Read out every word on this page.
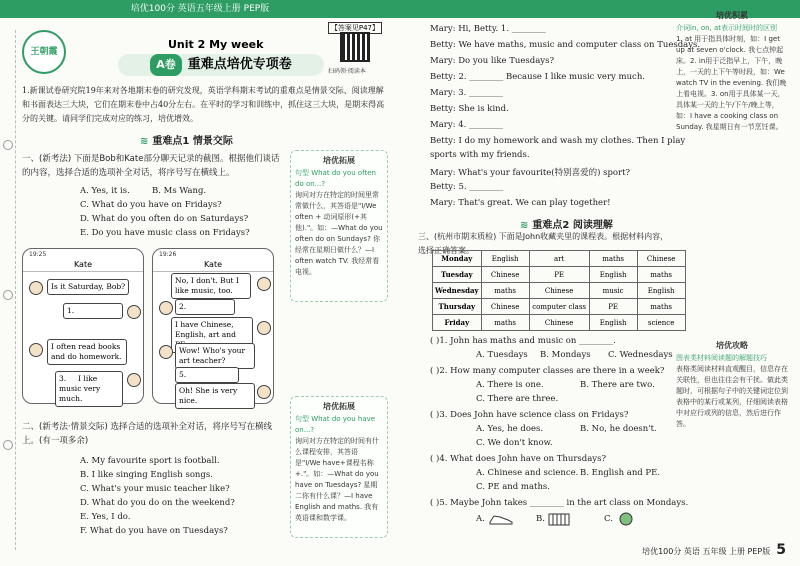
培优100分 英语五年级上册 PEP版
【答案见P47】
王朝霞
Unit 2 My week
A卷 重难点培优专项卷	扫码领·阅读本
1.新课试卷研究院19年来对各地期末卷的研究发现，英语学科期末考试的重难点是情景交际、阅读理解和书面表达三大块，它们在期末卷中占40分左右。在平时的学习和训练中，抓住这三大块，是期末得高分的关键。请同学们完成对应的练习，培优增效。
≋ 重难点1 情景交际
一、(新考法) 下面是Bob和Kate部分聊天记录的截图。根据他们谈话的内容，选择合适的选项补全对话，将序号写在横线上。
A. Yes, it is.	B. Ms Wang.
C. What do you have on Fridays?
D. What do you often do on Saturdays?
E. Do you have music class on Fridays?
19:25
Kate
Is it Saturday, Bob?
1.
I often read books and do homework.
3. I like music very much.
19:26
Kate
No, I don't. But I like music, too.
2.
I have Chinese, English, art and
Wow! Who's your art teacher?
5.
Oh! She is very nice.
培优拓展
句型 What do you often do on...?
询问对方在特定的时间里常常做什么，其答语是"I/We often + 动词原形(+其他)."。如：—What do you often do on Sundays? 你经常在星期日做什么？—I often watch TV. 我经常看电视。
二、(新考法·情景交际) 选择合适的选项补全对话，将序号写在横线上。(有一项多余)
A. My favourite sport is football.
B. I like singing English songs.
C. What's your music teacher like?
D. What do you do on the weekend?
E. Yes, I do.
F. What do you have on Tuesdays?
培优拓展
句型 What do you have on...?
询问对方在特定的时间有什么课程安排，其答语是"I/We have+课程名称+."。如：—What do you have on Tuesdays? 星期二你有什么课？—I have English and maths. 我有英语课和数学课。
Mary: Hi, Betty. 1. ________
Betty: We have maths, music and computer class on Tuesdays.
Mary: Do you like Tuesdays?
Betty: 2. ________ Because I like music very much.
Mary: 3. ________
Betty: She is kind.
Mary: 4. ________
Betty: I do my homework and wash my clothes. Then I play
sports with my friends.
Mary: What's your favourite(特别喜爱的) sport?
Betty: 5. ________
Mary: That's great. We can play together!
≋ 重难点2 阅读理解
三、(杭州市期末质检) 下面是John收藏夹里的课程表。根据材料内容，选择正确答案。
Monday	English	art	maths	Chinese
Tuesday	Chinese	PE	English	maths
Wednesday	maths	Chinese	music	English
Thursday	Chinese	computer class	PE	maths
Friday	maths	Chinese	English	science
( )1. John has maths and music on ________.
A. Tuesdays B. Mondays C. Wednesdays
( )2. How many computer classes are there in a week?
A. There is one.	B. There are two.
C. There are three.
( )3. Does John have science class on Fridays?
A. Yes, he does.	B. No, he doesn't.
C. We don't know.
( )4. What does John have on Thursdays?
A. Chinese and science. B. English and PE.
C. PE and maths.
( )5. Maybe John takes ________ in the art class on Mondays.
A.	B.	C.
培优积累
介词in, on, at表示时间时的区别
1. at 用于指具体时刻，如：I get up at seven o'clock. 我七点钟起床。2. in用于泛指早上，下午，晚上，一天的上下午等时段，如：We watch TV in the evening. 我们晚上看电视。3. on用于具体某一天，具体某一天的上午/下午/晚上等，如：I have a cooking class on Sunday. 我星期日有一节烹饪课。
培优攻略
图表类材料阅读题的解题技巧
表格类阅读材料直观醒目，信息存在关联性，但也往往会有干扰。做此类题时，可根据句子中的关键词定位到表格中的某行或某列，仔细阅读表格中对应行或列的信息，然后进行作答。
培优100分 英语 五年级 上册 PEP版 5
